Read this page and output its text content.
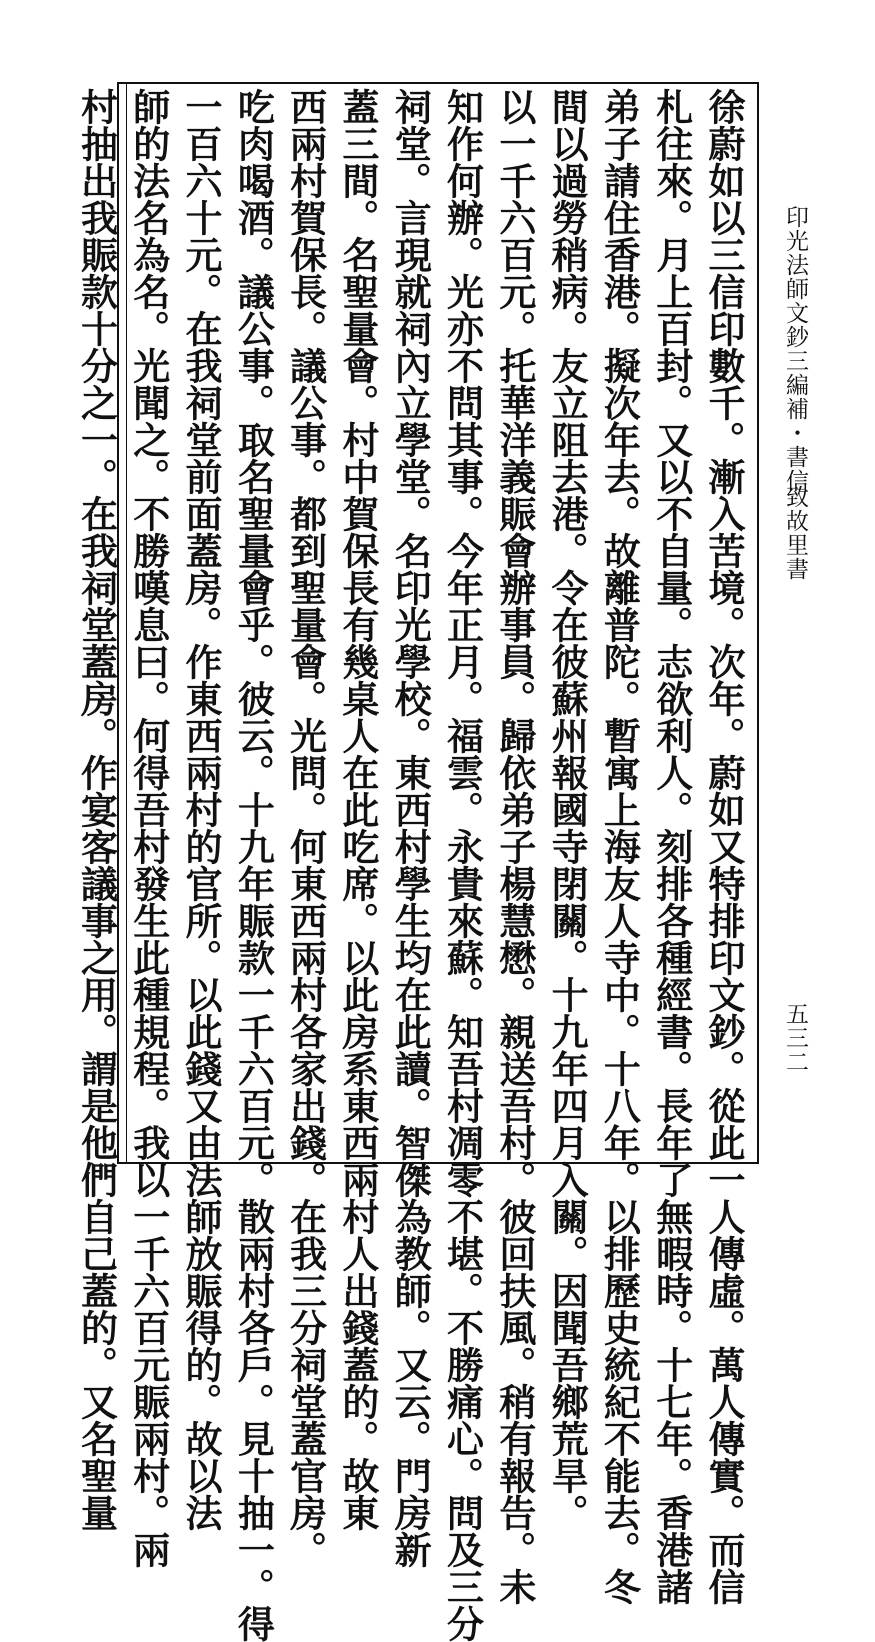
徐蔚如以三信印數千。漸入苦境。次年。蔚如又特排印文鈔。從此一人傳虛。萬人傳實。而信
札往來。月上百封。又以不自量。志欲利人。刻排各種經書。長年了無暇時。十七年。香港諸
弟子請住香港。擬次年去。故離普陀。暫寓上海友人寺中。十八年。以排歷史統紀不能去。冬
間以過勞稍病。友立阻去港。令在彼蘇州報國寺閉關。十九年四月入關。因聞吾鄉荒旱。
以一千六百元。托華洋義賑會辦事員。歸依弟子楊慧懋。親送吾村。彼回扶風。稍有報告。未
知作何辦。光亦不問其事。今年正月。福雲。永貴來蘇。知吾村凋零不堪。不勝痛心。問及三分
祠堂。言現就祠內立學堂。名印光學校。東西村學生均在此讀。智傑為教師。又云。門房新
蓋三間。名聖量會。村中賀保長有幾桌人在此吃席。以此房系東西兩村人出錢蓋的。故東
西兩村賀保長。議公事。都到聖量會。光問。何東西兩村各家出錢。在我三分祠堂蓋官房。
吃肉喝酒。議公事。取名聖量會乎。彼云。十九年賑款一千六百元。散兩村各戶。見十抽一。得
一百六十元。在我祠堂前面蓋房。作東西兩村的官所。以此錢又由法師放賑得的。故以法
師的法名為名。光聞之。不勝嘆息曰。何得吾村發生此種規程。我以一千六百元賑兩村。兩
村抽出我賑款十分之一。在我祠堂蓋房。作宴客議事之用。謂是他們自己蓋的。又名聖量	印光法師文鈔三編補・書信
致故里書
五三二
